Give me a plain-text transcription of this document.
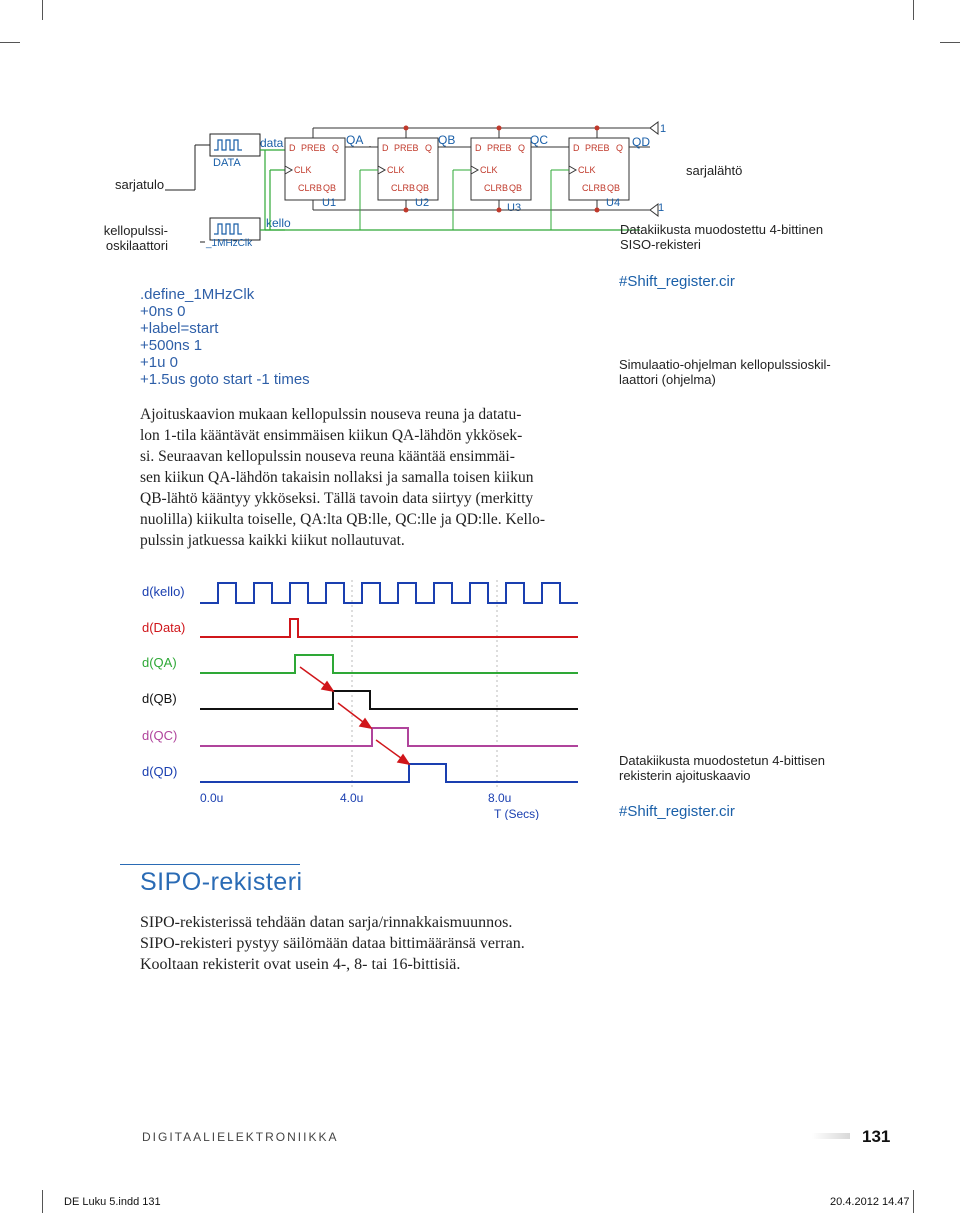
sarjatulo
kellopulssi-
oskilaattori
sarjalähtö
DATA
_1MHzClk
data
kello
D PREB Q
CLK
CLRB QB
D PREB Q
CLK
CLRB QB
D PREB Q
CLK
CLRB QB
D PREB Q
CLK
CLRB QB
U1	U2	U3	U4
1
1
QA	QB	QC	QD
Datakiikusta muodostettu 4-bittinen
SISO-rekisteri
.define_1MHzClk
+0ns 0
+label=start
+500ns 1
+1u 0
+1.5us goto start -1 times
#Shift_register.cir
Simulaatio-ohjelman kellopulssioskil-
laattori (ohjelma)
Ajoituskaavion mukaan kellopulssin nouseva reuna ja datatu-
lon 1-tila kääntävät ensimmäisen kiikun QA-lähdön ykkösek-
si. Seuraavan kellopulssin nouseva reuna kääntää ensimmäi-
sen kiikun QA-lähdön takaisin nollaksi ja samalla toisen kiikun
QB-lähtö kääntyy ykköseksi. Tällä tavoin data siirtyy (merkitty
nuolilla) kiikulta toiselle, QA:lta QB:lle, QC:lle ja QD:lle. Kello-
pulssin jatkuessa kaikki kiikut nollautuvat.
d(kello)
d(Data)
d(QA)
d(QB)
d(QC)
d(QD)
0.0u	4.0u	8.0u
T (Secs)
Datakiikusta muodostetun 4-bittisen
rekisterin ajoituskaavio
#Shift_register.cir
SIPO-rekisteri
SIPO-rekisterissä tehdään datan sarja/rinnakkaismuunnos.
SIPO-rekisteri pystyy säilömään dataa bittimääränsä verran.
Kooltaan rekisterit ovat usein 4-, 8- tai 16-bittisiä.
DIGITAALIELEKTRONIIKKA	131
DE Luku 5.indd 131	20.4.2012 14.47
